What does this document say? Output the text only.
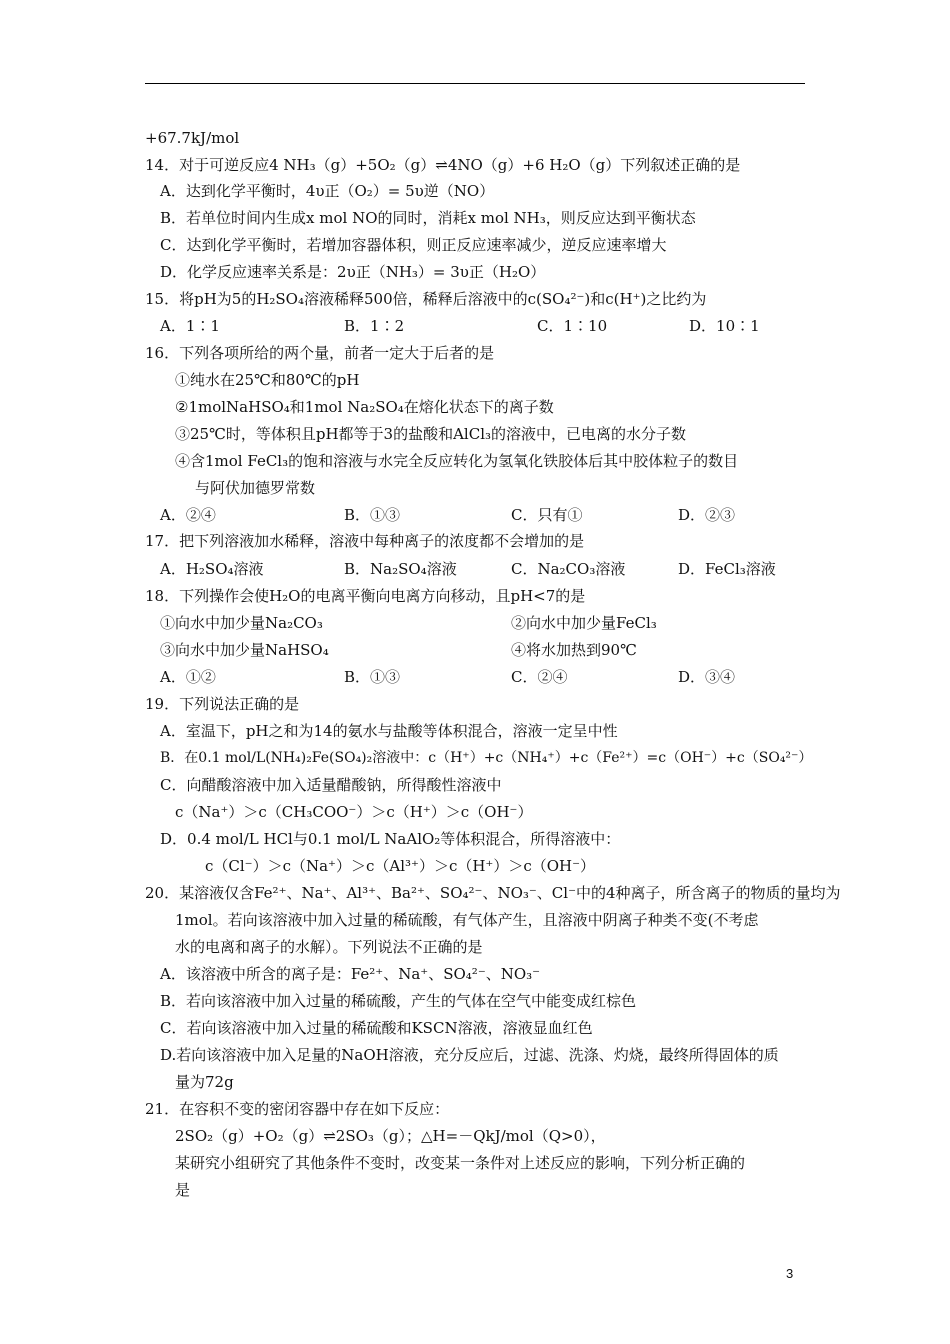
+67.7kJ/mol
14．对于可逆反应4 NH₃（g）+5O₂（g）⇌4NO（g）+6 H₂O（g）下列叙述正确的是
A．达到化学平衡时，4υ正（O₂）= 5υ逆（NO）
B．若单位时间内生成x mol NO的同时，消耗x mol NH₃，则反应达到平衡状态
C．达到化学平衡时，若增加容器体积，则正反应速率减少，逆反应速率增大
D．化学反应速率关系是：2υ正（NH₃）= 3υ正（H₂O）
15．将pH为5的H₂SO₄溶液稀释500倍，稀释后溶液中的c(SO₄²⁻)和c(H⁺)之比约为
A．1∶1	B．1∶2	C．1∶10	D．10∶1
16．下列各项所给的两个量，前者一定大于后者的是
①纯水在25℃和80℃的pH
②1molNaHSO₄和1mol Na₂SO₄在熔化状态下的离子数
③25℃时，等体积且pH都等于3的盐酸和AlCl₃的溶液中，已电离的水分子数
④含1mol FeCl₃的饱和溶液与水完全反应转化为氢氧化铁胶体后其中胶体粒子的数目
与阿伏加德罗常数
A．②④	B．①③	C．只有①	D．②③
17．把下列溶液加水稀释，溶液中每种离子的浓度都不会增加的是
A．H₂SO₄溶液	B．Na₂SO₄溶液	C．Na₂CO₃溶液	D．FeCl₃溶液
18．下列操作会使H₂O的电离平衡向电离方向移动，且pH<7的是
①向水中加少量Na₂CO₃	②向水中加少量FeCl₃
③向水中加少量NaHSO₄	④将水加热到90℃
A．①②	B．①③	C．②④	D．③④
19．下列说法正确的是
A．室温下，pH之和为14的氨水与盐酸等体积混合，溶液一定呈中性
B．在0.1 mol/L(NH₄)₂Fe(SO₄)₂溶液中：c（H⁺）+c（NH₄⁺）+c（Fe²⁺）=c（OH⁻）+c（SO₄²⁻）
C．向醋酸溶液中加入适量醋酸钠，所得酸性溶液中
c（Na⁺）＞c（CH₃COO⁻）＞c（H⁺）＞c（OH⁻）
D．0.4 mol/L HCl与0.1 mol/L NaAlO₂等体积混合，所得溶液中：
c（Cl⁻）＞c（Na⁺）＞c（Al³⁺）＞c（H⁺）＞c（OH⁻）
20．某溶液仅含Fe²⁺、Na⁺、Al³⁺、Ba²⁺、SO₄²⁻、NO₃⁻、Cl⁻中的4种离子，所含离子的物质的量均为
1mol。若向该溶液中加入过量的稀硫酸，有气体产生，且溶液中阴离子种类不变(不考虑
水的电离和离子的水解）。下列说法不正确的是
A．该溶液中所含的离子是：Fe²⁺、Na⁺、SO₄²⁻、NO₃⁻
B．若向该溶液中加入过量的稀硫酸，产生的气体在空气中能变成红棕色
C．若向该溶液中加入过量的稀硫酸和KSCN溶液，溶液显血红色
D.若向该溶液中加入足量的NaOH溶液，充分反应后，过滤、洗涤、灼烧，最终所得固体的质
量为72g
21．在容积不变的密闭容器中存在如下反应：
2SO₂（g）+O₂（g）⇌2SO₃（g）；△H=－QkJ/mol（Q>0），
某研究小组研究了其他条件不变时，改变某一条件对上述反应的影响，下列分析正确的
是
3
